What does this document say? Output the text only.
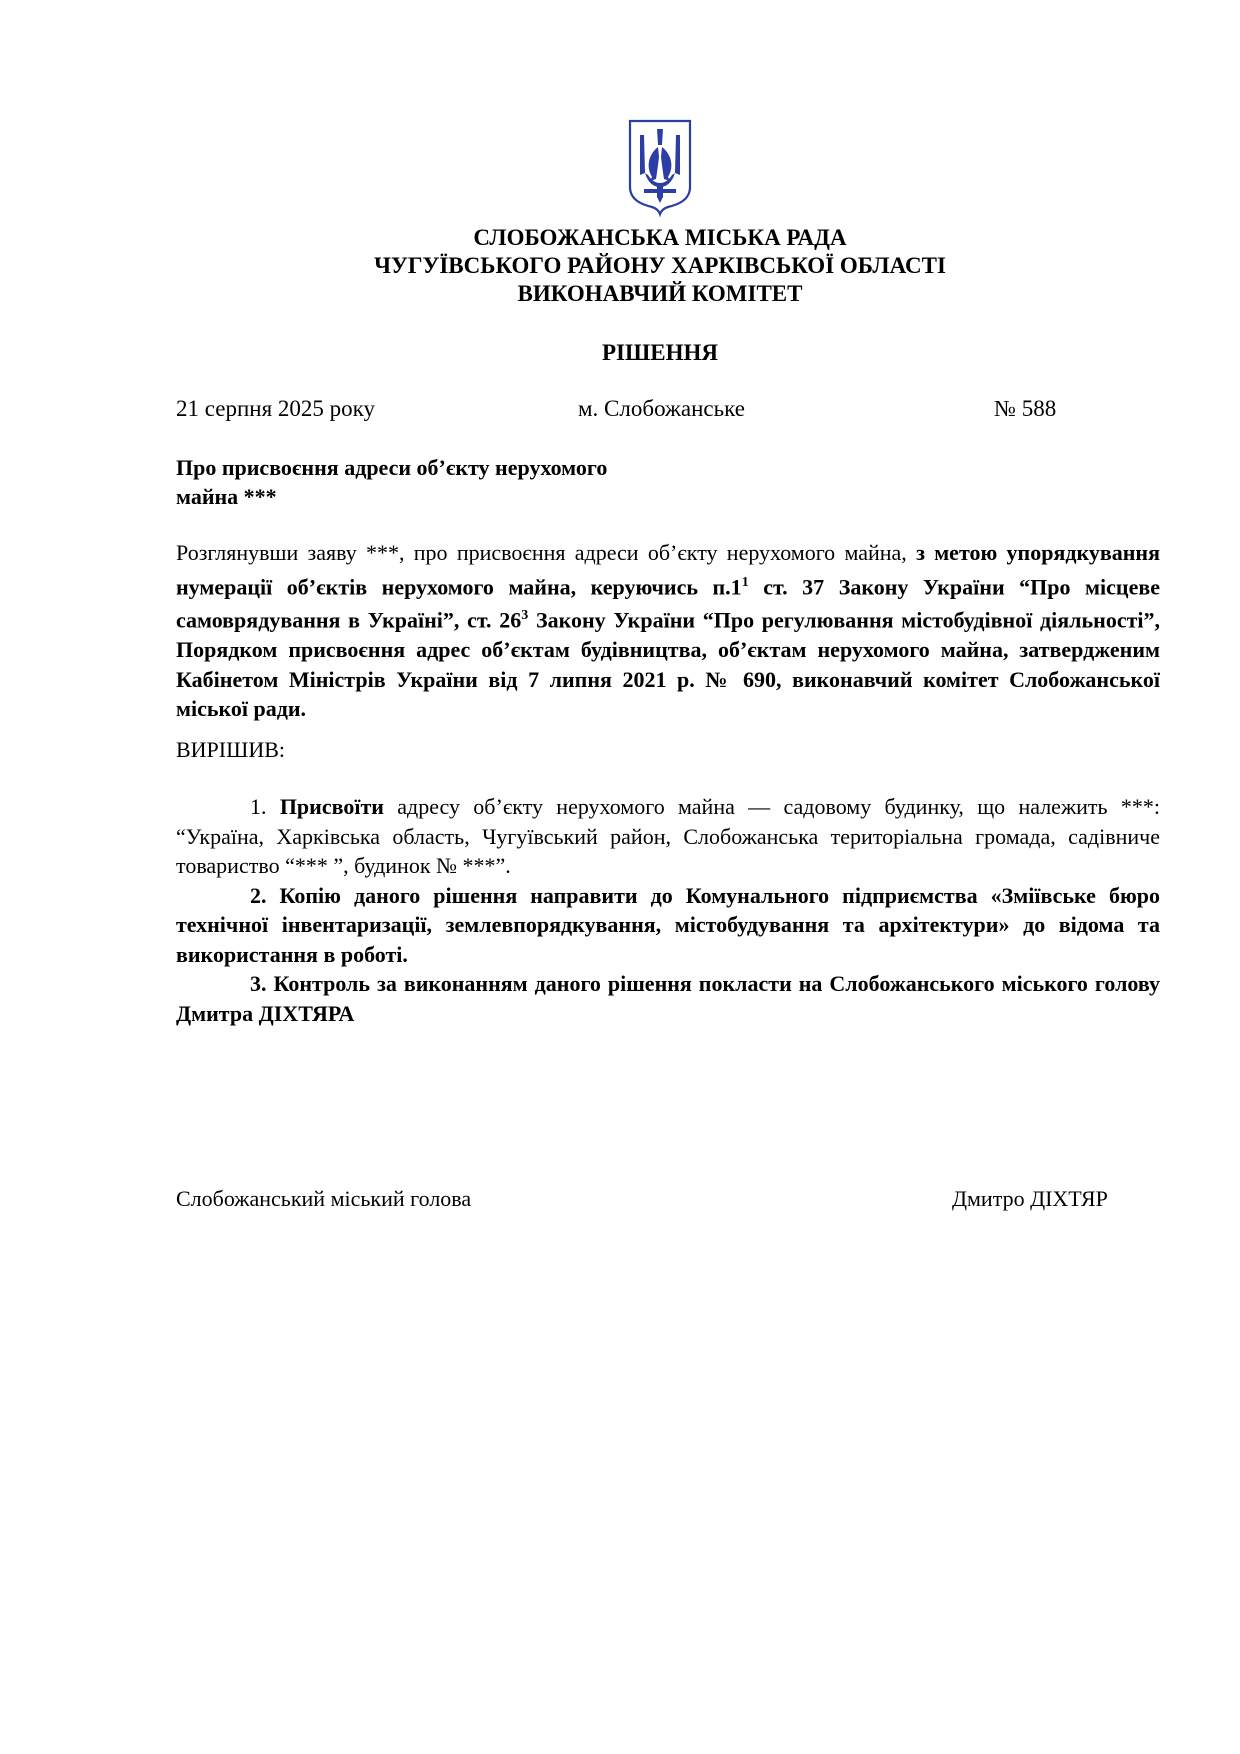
СЛОБОЖАНСЬКА МІСЬКА РАДА
ЧУГУЇВСЬКОГО РАЙОНУ ХАРКІВСЬКОЇ ОБЛАСТІ
ВИКОНАВЧИЙ КОМІТЕТ
РІШЕННЯ
21 серпня 2025 року	м. Слобожанське	№ 588
Про присвоєння адреси об’єкту нерухомого
майна ***
Розглянувши заяву ***, про присвоєння адреси об’єкту нерухомого майна, з метою упорядкування нумерації об’єктів нерухомого майна, керуючись $п.1^1$ ст. 37 Закону України “Про місцеве самоврядування в Україні”, ст. $26^3$ Закону України “Про регулювання містобудівної діяльності”, Порядком присвоєння адрес об’єктам будівництва, об’єктам нерухомого майна, затвердженим Кабінетом Міністрів України від 7 липня 2021 р. № 690, виконавчий комітет Слобожанської міської ради.
ВИРІШИВ:

1. Присвоїти адресу об’єкту нерухомого майна — садовому будинку, що належить ***: “Україна, Харківська область, Чугуївський район, Слобожанська територіальна громада, садівниче товариство “*** ”, будинок № ***”.

2. Копію даного рішення направити до Комунального підприємства «Зміївське бюро технічної інвентаризації, землевпорядкування, містобудування та архітектури» до відома та використання в роботі.

3. Контроль за виконанням даного рішення покласти на Слобожанського міського голову Дмитра ДІХТЯРА

Слобожанський міський голова	Дмитро ДІХТЯР
